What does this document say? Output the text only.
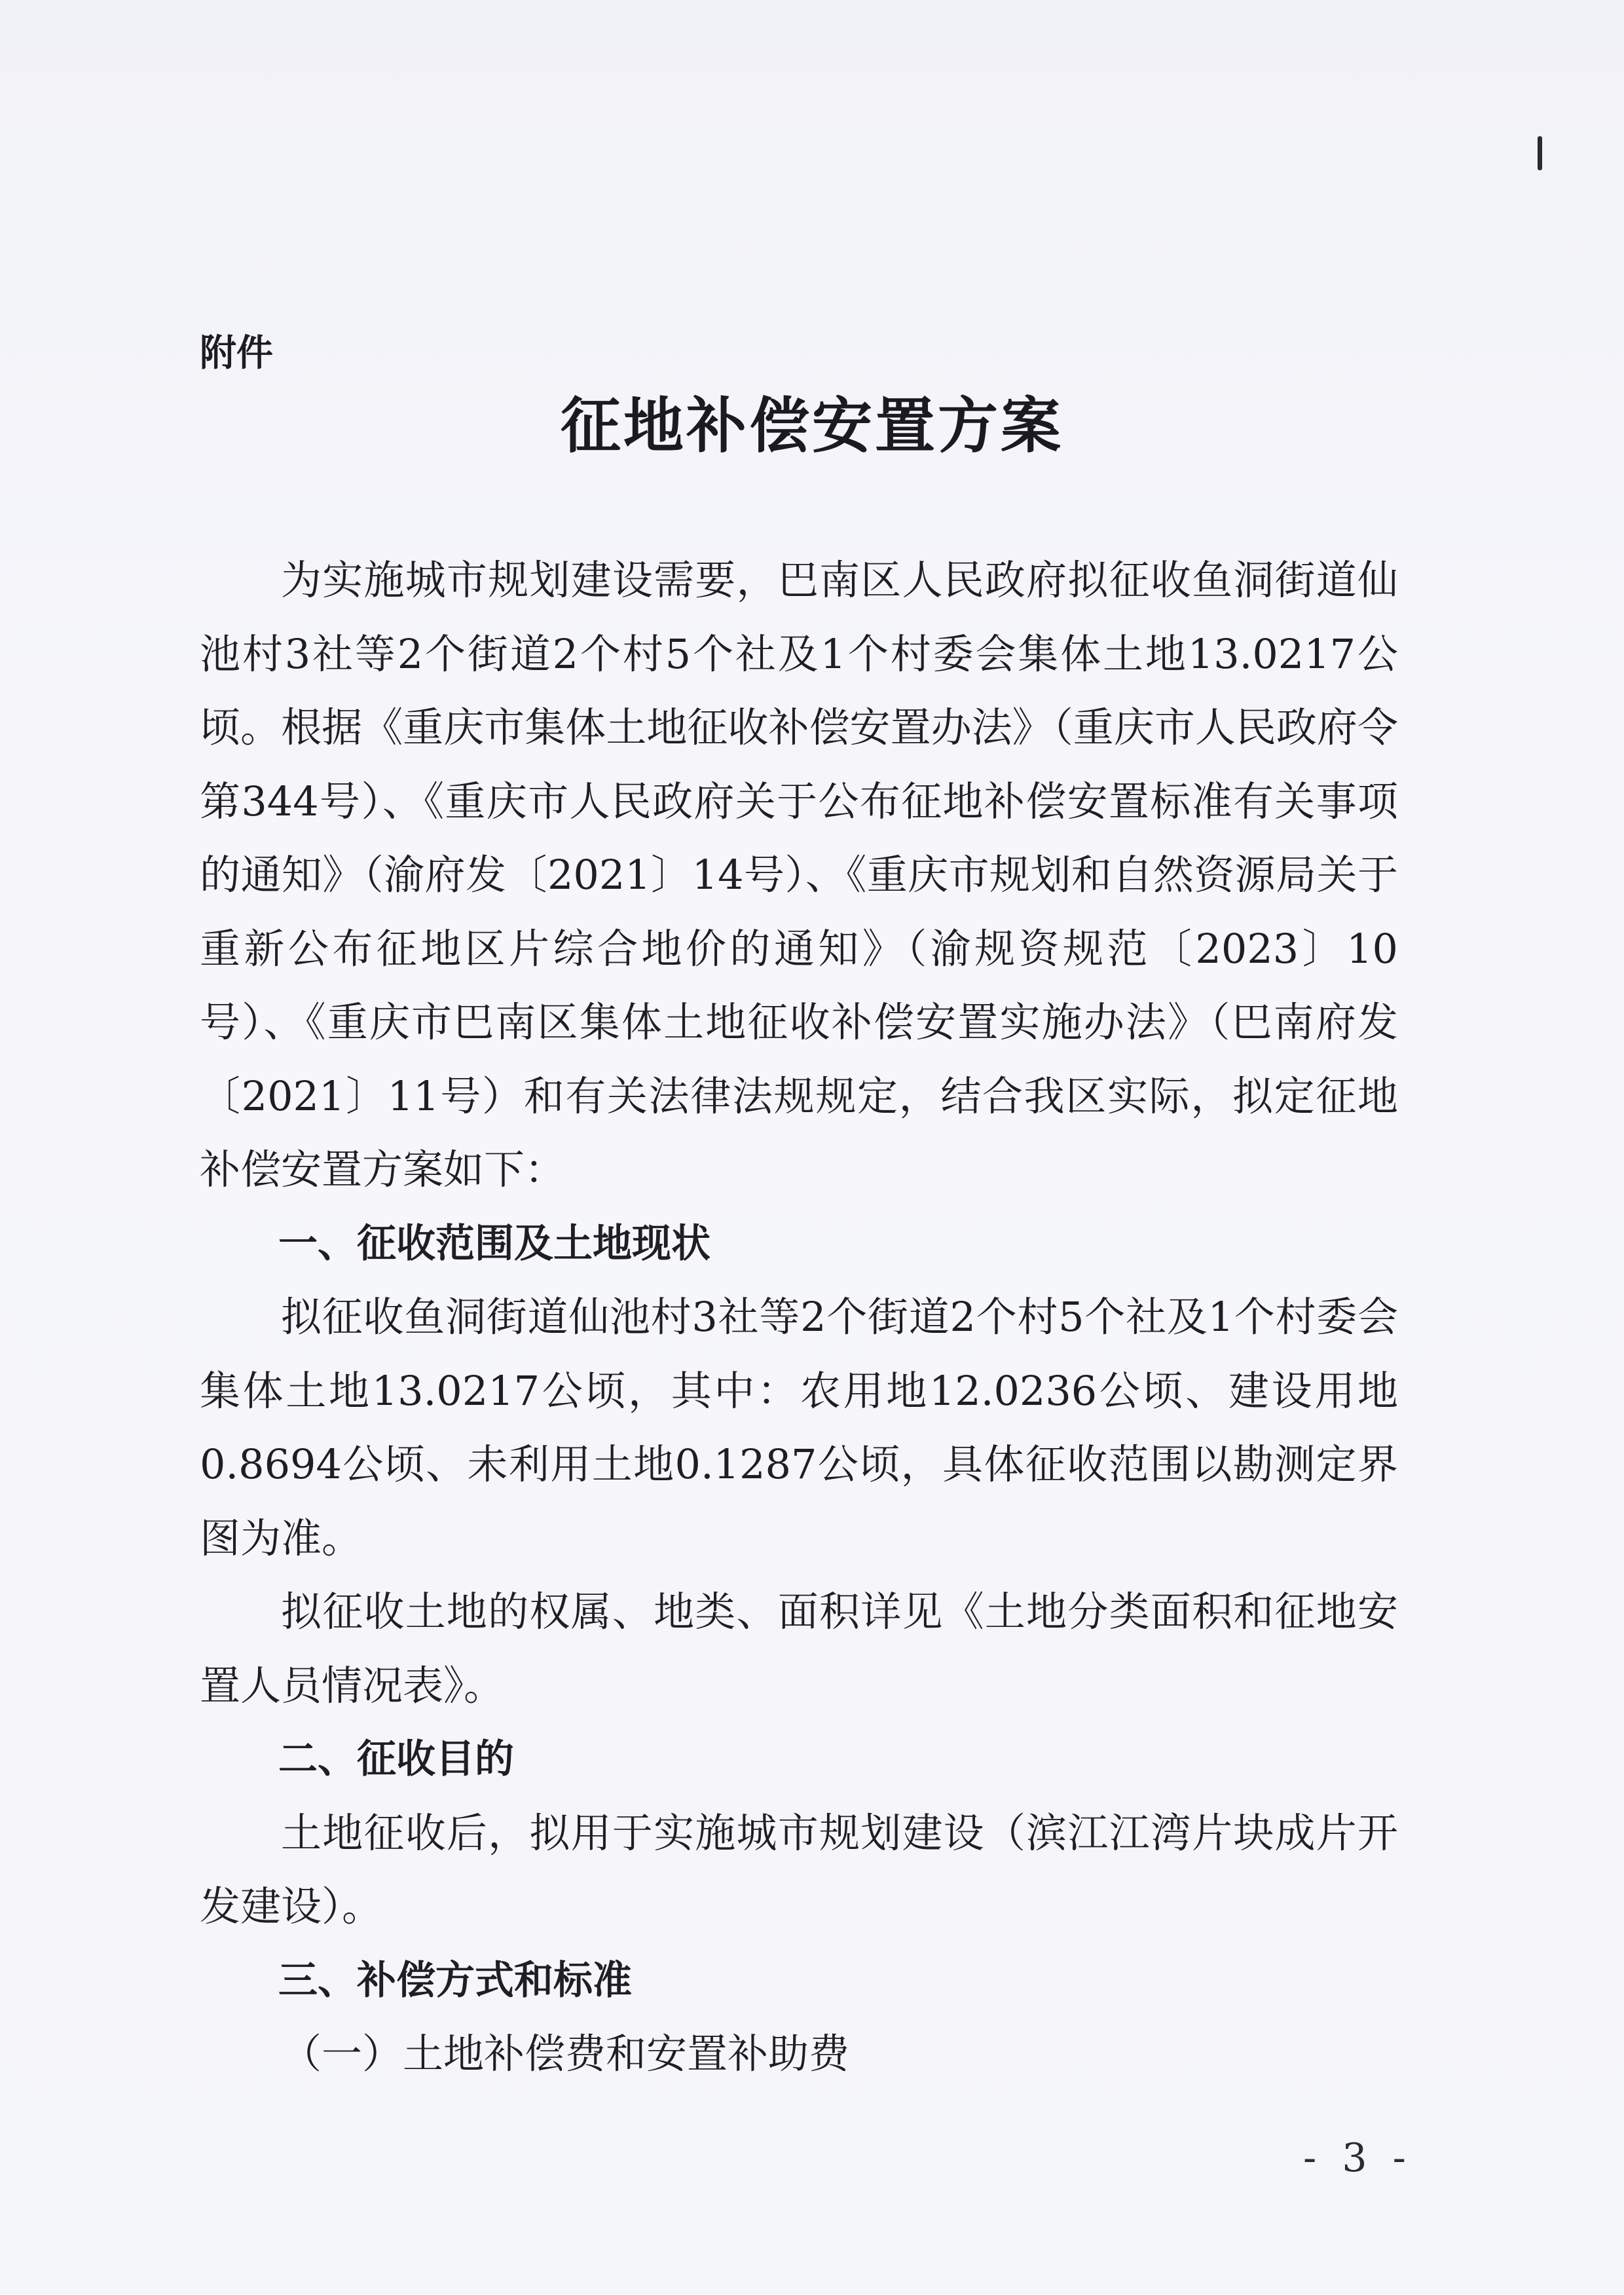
附件
征地补偿安置方案

为实施城市规划建设需要，巴南区人民政府拟征收鱼洞街道仙池村3社等2个街道2个村5个社及1个村委会集体土地13.0217公顷。根据《重庆市集体土地征收补偿安置办法》（重庆市人民政府令第344号）、《重庆市人民政府关于公布征地补偿安置标准有关事项的通知》（渝府发〔2021〕14号）、《重庆市规划和自然资源局关于重新公布征地区片综合地价的通知》（渝规资规范〔2023〕10号）、《重庆市巴南区集体土地征收补偿安置实施办法》（巴南府发〔2021〕11号）和有关法律法规规定，结合我区实际，拟定征地补偿安置方案如下：

一、征收范围及土地现状

拟征收鱼洞街道仙池村3社等2个街道2个村5个社及1个村委会集体土地13.0217公顷，其中：农用地12.0236公顷、建设用地0.8694公顷、未利用土地0.1287公顷，具体征收范围以勘测定界图为准。

拟征收土地的权属、地类、面积详见《土地分类面积和征地安置人员情况表》。

二、征收目的

土地征收后，拟用于实施城市规划建设（滨江江湾片块成片开发建设）。

三、补偿方式和标准

（一）土地补偿费和安置补助费

- 3 -
